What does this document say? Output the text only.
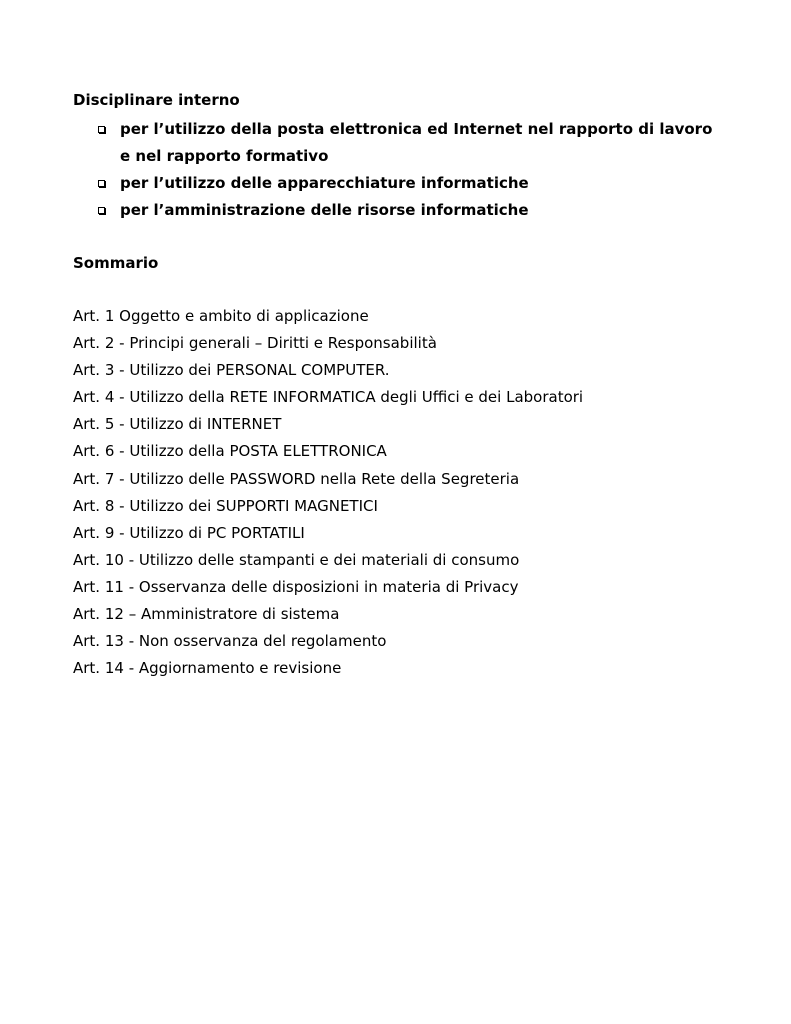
Disciplinare interno
per l’utilizzo della posta elettronica ed Internet nel rapporto di lavoro e nel rapporto formativo
per l’utilizzo delle apparecchiature informatiche
per l’amministrazione delle risorse informatiche
Sommario
Art. 1 Oggetto e ambito di applicazione
Art. 2 - Principi generali – Diritti e Responsabilità
Art. 3 - Utilizzo dei PERSONAL COMPUTER.
Art. 4 - Utilizzo della RETE INFORMATICA degli Uffici e dei Laboratori
Art. 5 - Utilizzo di INTERNET
Art. 6 - Utilizzo della POSTA ELETTRONICA
Art. 7 - Utilizzo delle PASSWORD nella Rete della Segreteria
Art. 8 - Utilizzo dei SUPPORTI MAGNETICI
Art. 9 - Utilizzo di PC PORTATILI
Art. 10 - Utilizzo delle stampanti e dei materiali di consumo
Art. 11 - Osservanza delle disposizioni in materia di Privacy
Art. 12 – Amministratore di sistema
Art. 13 - Non osservanza del regolamento
Art. 14 - Aggiornamento e revisione
